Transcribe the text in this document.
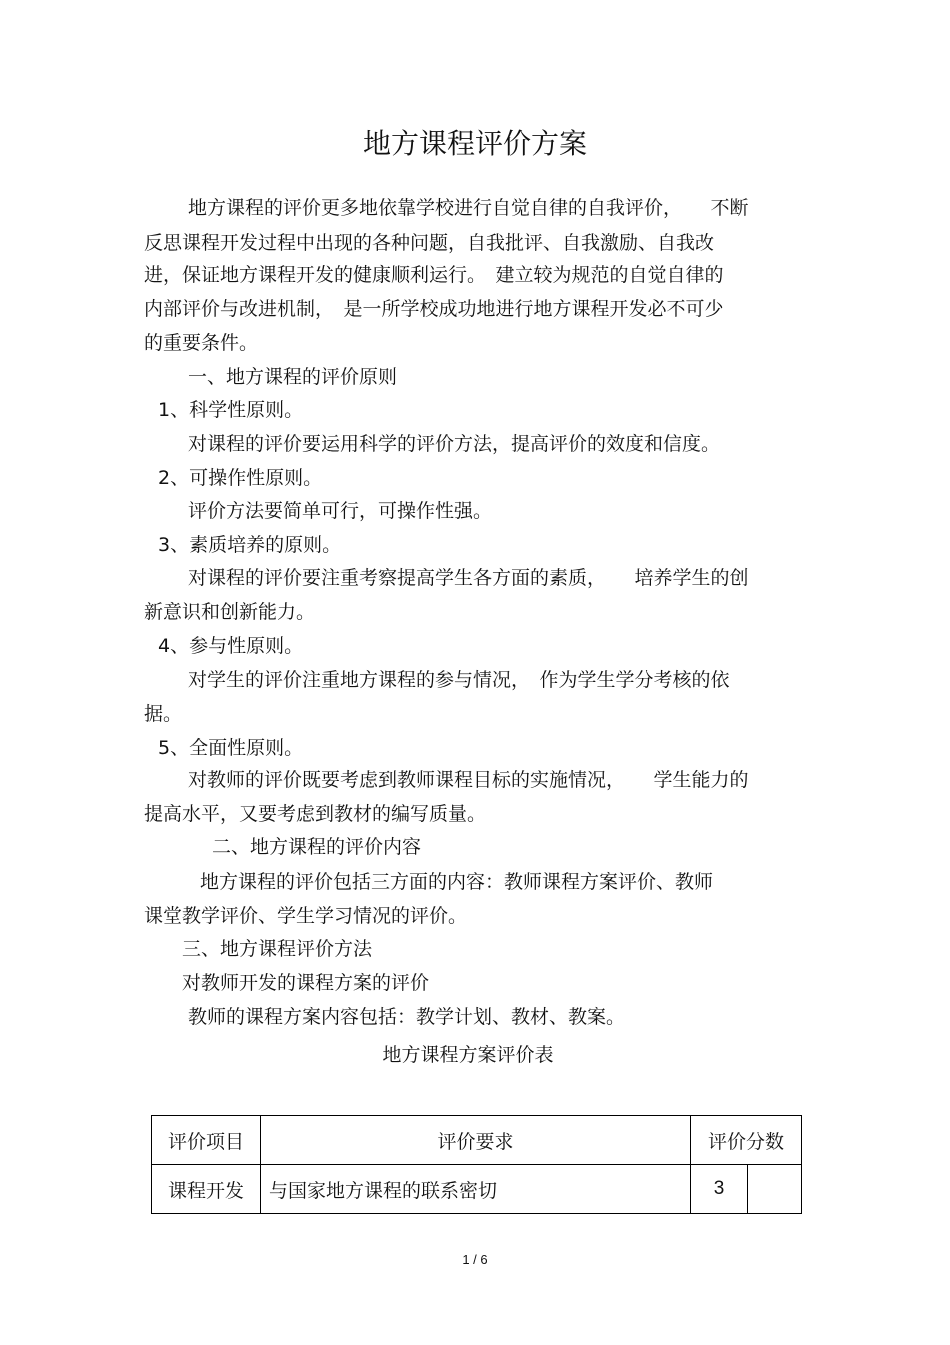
地方课程评价方案
地方课程的评价更多地依靠学校进行自觉自律的自我评价，　　不断
反思课程开发过程中出现的各种问题，自我批评、自我激励、自我改
进，保证地方课程开发的健康顺利运行。　建立较为规范的自觉自律的
内部评价与改进机制，　是一所学校成功地进行地方课程开发必不可少
的重要条件。
一、地方课程的评价原则
1、科学性原则。
对课程的评价要运用科学的评价方法，提高评价的效度和信度。
2、可操作性原则。
评价方法要简单可行，可操作性强。
3、素质培养的原则。
对课程的评价要注重考察提高学生各方面的素质，　　培养学生的创
新意识和创新能力。
4、参与性原则。
对学生的评价注重地方课程的参与情况，　作为学生学分考核的依
据。
5、全面性原则。
对教师的评价既要考虑到教师课程目标的实施情况，　　学生能力的
提高水平，又要考虑到教材的编写质量。
二、地方课程的评价内容
地方课程的评价包括三方面的内容：教师课程方案评价、教师
课堂教学评价、学生学习情况的评价。
三、地方课程评价方法
对教师开发的课程方案的评价
教师的课程方案内容包括：教学计划、教材、教案。
地方课程方案评价表
评价项目	评价要求	评价分数	
课程开发	与国家地方课程的联系密切	3	
1 / 6
